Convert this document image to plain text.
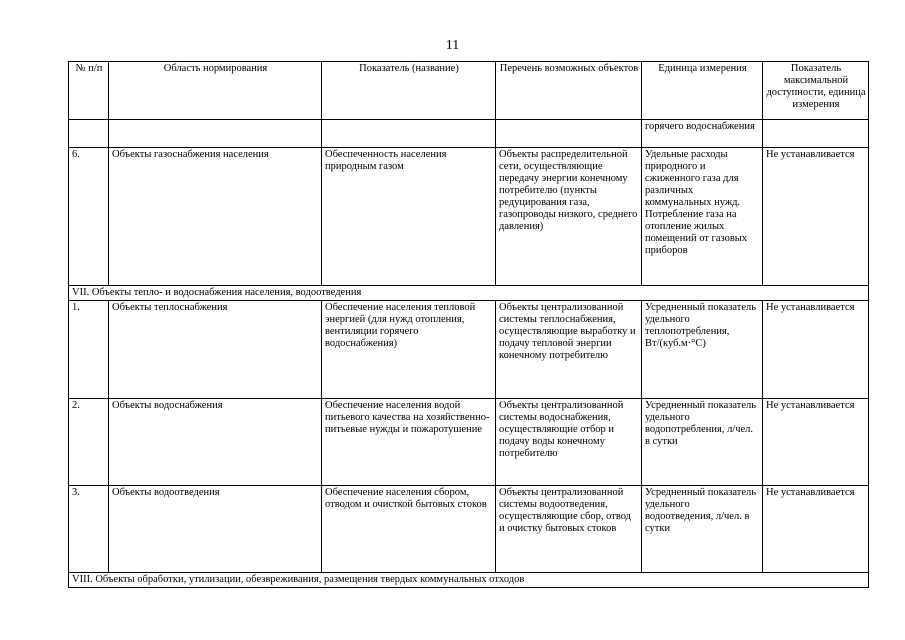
11
№ п/п	Область нормирования	Показатель (название)	Перечень возможных объектов	Единица измерения	Показатель максимальной доступности, единица измерения
				горячего водоснабжения	
6.	Объекты газоснабжения населения	Обеспеченность населения природным газом	Объекты распределительной сети, осуществляющие передачу энергии конечному потребителю (пункты редуцирования газа, газопроводы низкого, среднего давления)	Удельные расходы природного и сжиженного газа для различных коммунальных нужд. Потребление газа на отопление жилых помещений от газовых приборов	Не устанавливается
VII. Объекты тепло- и водоснабжения населения, водоотведения					
1.	Объекты теплоснабжения	Обеспечение населения тепловой энергией (для нужд отопления, вентиляции горячего водоснабжения)	Объекты централизованной системы теплоснабжения, осуществляющие выработку и подачу тепловой энергии конечному потребителю	Усредненный показатель удельного теплопотребления, Вт/(куб.м·°С)	Не устанавливается
2.	Объекты водоснабжения	Обеспечение населения водой питьевого качества на хозяйственно-питьевые нужды и пожаротушение	Объекты централизованной системы водоснабжения, осуществляющие отбор и подачу воды конечному потребителю	Усредненный показатель удельного водопотребления, л/чел. в сутки	Не устанавливается
3.	Объекты водоотведения	Обеспечение населения сбором, отводом и очисткой бытовых стоков	Объекты централизованной системы водоотведения, осуществляющие сбор, отвод и очистку бытовых стоков	Усредненный показатель удельного водоотведения, л/чел. в сутки	Не устанавливается
VIII. Объекты обработки, утилизации, обезвреживания, размещения твердых коммунальных отходов					
